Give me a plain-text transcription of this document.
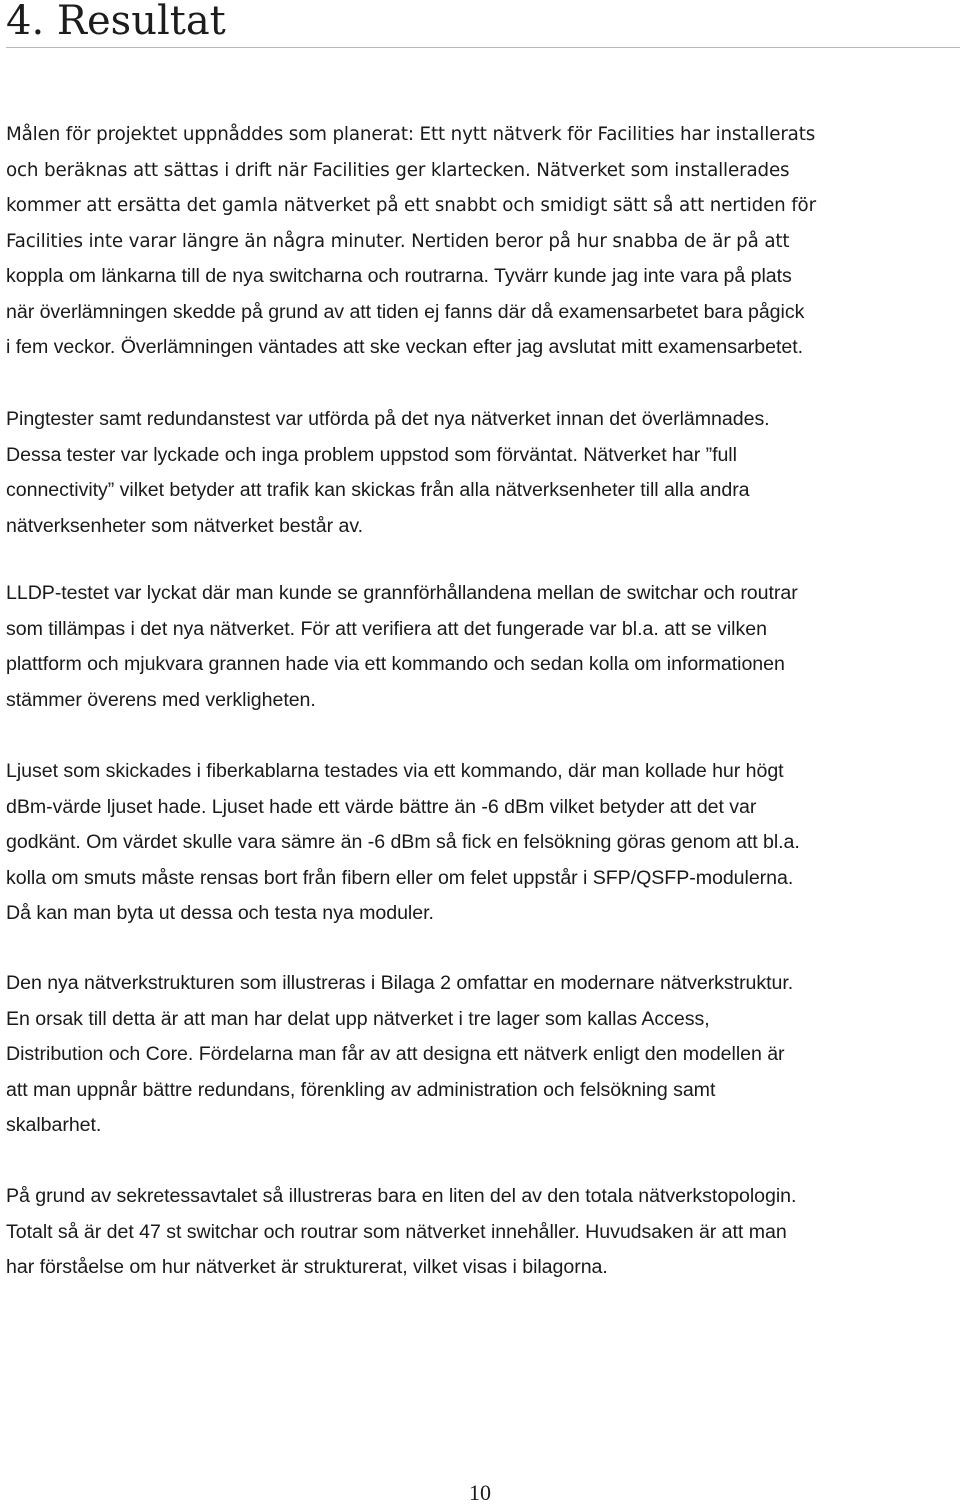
4. Resultat

Målen för projektet uppnåddes som planerat: Ett nytt nätverk för Facilities har installerats
och beräknas att sättas i drift när Facilities ger klartecken. Nätverket som installerades
kommer att ersätta det gamla nätverket på ett snabbt och smidigt sätt så att nertiden för
Facilities inte varar längre än några minuter. Nertiden beror på hur snabba de är på att
koppla om länkarna till de nya switcharna och routrarna. Tyvärr kunde jag inte vara på plats
när överlämningen skedde på grund av att tiden ej fanns där då examensarbetet bara pågick
i fem veckor. Överlämningen väntades att ske veckan efter jag avslutat mitt examensarbetet.

Pingtester samt redundanstest var utförda på det nya nätverket innan det överlämnades.
Dessa tester var lyckade och inga problem uppstod som förväntat. Nätverket har ”full
connectivity” vilket betyder att trafik kan skickas från alla nätverksenheter till alla andra
nätverksenheter som nätverket består av.

LLDP-testet var lyckat där man kunde se grannförhållandena mellan de switchar och routrar
som tillämpas i det nya nätverket. För att verifiera att det fungerade var bl.a. att se vilken
plattform och mjukvara grannen hade via ett kommando och sedan kolla om informationen
stämmer överens med verkligheten.

Ljuset som skickades i fiberkablarna testades via ett kommando, där man kollade hur högt
dBm-värde ljuset hade. Ljuset hade ett värde bättre än -6 dBm vilket betyder att det var
godkänt. Om värdet skulle vara sämre än -6 dBm så fick en felsökning göras genom att bl.a.
kolla om smuts måste rensas bort från fibern eller om felet uppstår i SFP/QSFP-modulerna.
Då kan man byta ut dessa och testa nya moduler.

Den nya nätverkstrukturen som illustreras i Bilaga 2 omfattar en modernare nätverkstruktur.
En orsak till detta är att man har delat upp nätverket i tre lager som kallas Access,
Distribution och Core. Fördelarna man får av att designa ett nätverk enligt den modellen är
att man uppnår bättre redundans, förenkling av administration och felsökning samt
skalbarhet.

På grund av sekretessavtalet så illustreras bara en liten del av den totala nätverkstopologin.
Totalt så är det 47 st switchar och routrar som nätverket innehåller. Huvudsaken är att man
har förståelse om hur nätverket är strukturerat, vilket visas i bilagorna.

10
